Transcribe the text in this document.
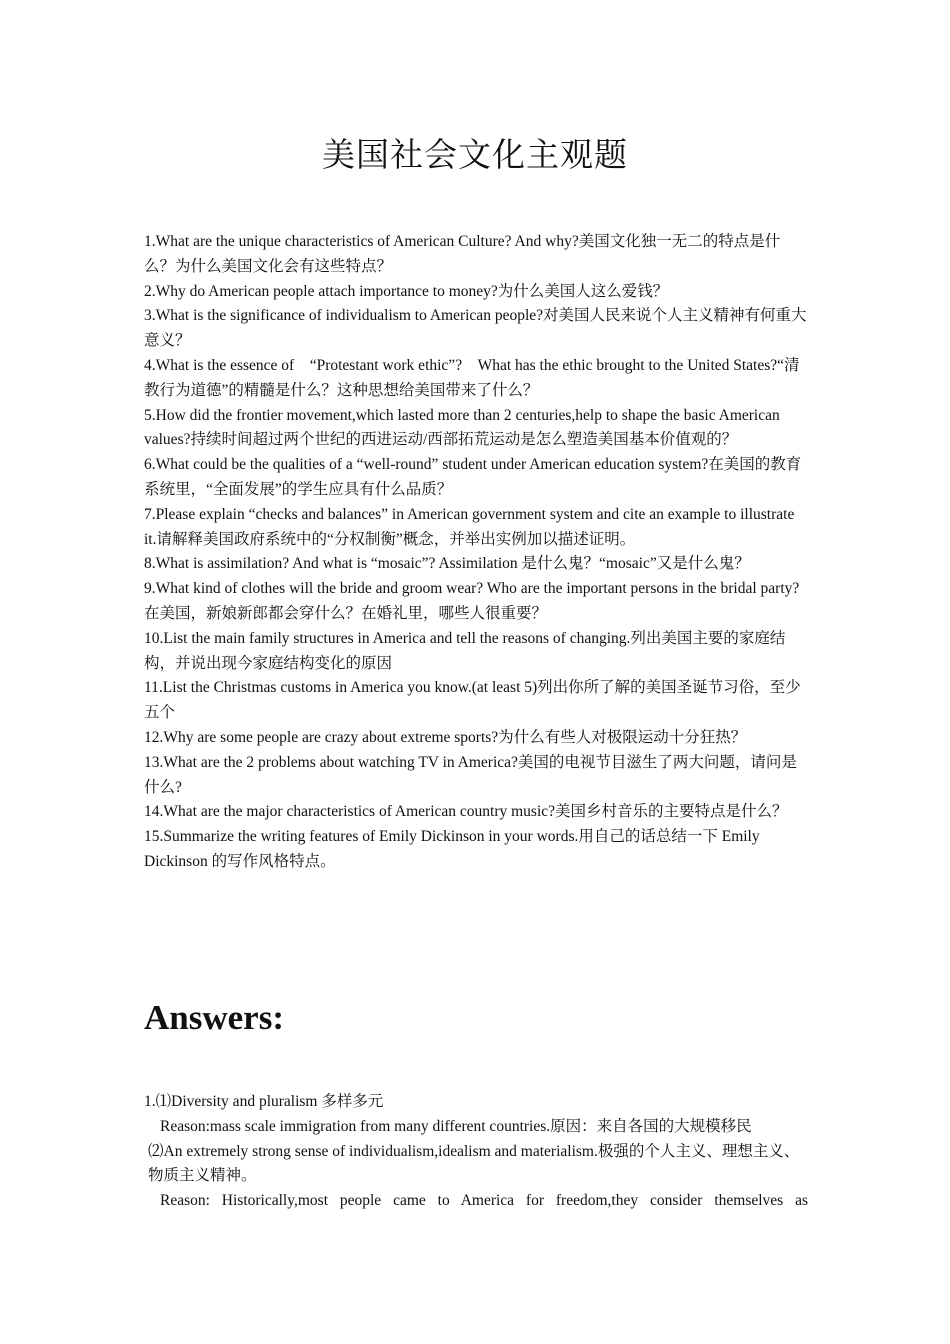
美国社会文化主观题

1.What are the unique characteristics of American Culture? And why?美国文化独一无二的特点是什么？为什么美国文化会有这些特点？

2.Why do American people attach importance to money?为什么美国人这么爱钱？

3.What is the significance of individualism to American people?对美国人民来说个人主义精神有何重大意义？

4.What is the essence of　“Protestant work ethic”?　What has the ethic brought to the United States?“清教行为道德”的精髓是什么？这种思想给美国带来了什么？

5.How did the frontier movement,which lasted more than 2 centuries,help to shape the basic American values?持续时间超过两个世纪的西进运动/西部拓荒运动是怎么塑造美国基本价值观的？

6.What could be the qualities of a “well-round” student under American education system?在美国的教育系统里，“全面发展”的学生应具有什么品质？

7.Please explain “checks and balances” in American government system and cite an example to illustrate it.请解释美国政府系统中的“分权制衡”概念，并举出实例加以描述证明。

8.What is assimilation? And what is “mosaic”? Assimilation 是什么鬼？“mosaic”又是什么鬼？

9.What kind of clothes will the bride and groom wear? Who are the important persons in the bridal party?在美国，新娘新郎都会穿什么？在婚礼里，哪些人很重要？

10.List the main family structures in America and tell the reasons of changing.列出美国主要的家庭结构，并说出现今家庭结构变化的原因

11.List the Christmas customs in America you know.(at least 5)列出你所了解的美国圣诞节习俗，至少五个

12.Why are some people are crazy about extreme sports?为什么有些人对极限运动十分狂热？

13.What are the 2 problems about watching TV in America?美国的电视节目滋生了两大问题，请问是什么?

14.What are the major characteristics of American country music?美国乡村音乐的主要特点是什么？

15.Summarize the writing features of Emily Dickinson in your words.用自己的话总结一下 Emily Dickinson 的写作风格特点。

Answers:

1.⑴Diversity and pluralism 多样多元

Reason:mass scale immigration from many different countries.原因：来自各国的大规模移民

⑵An extremely strong sense of individualism,idealism and materialism.极强的个人主义、理想主义、物质主义精神。

Reason: Historically,most people came to America for freedom,they consider themselves as
